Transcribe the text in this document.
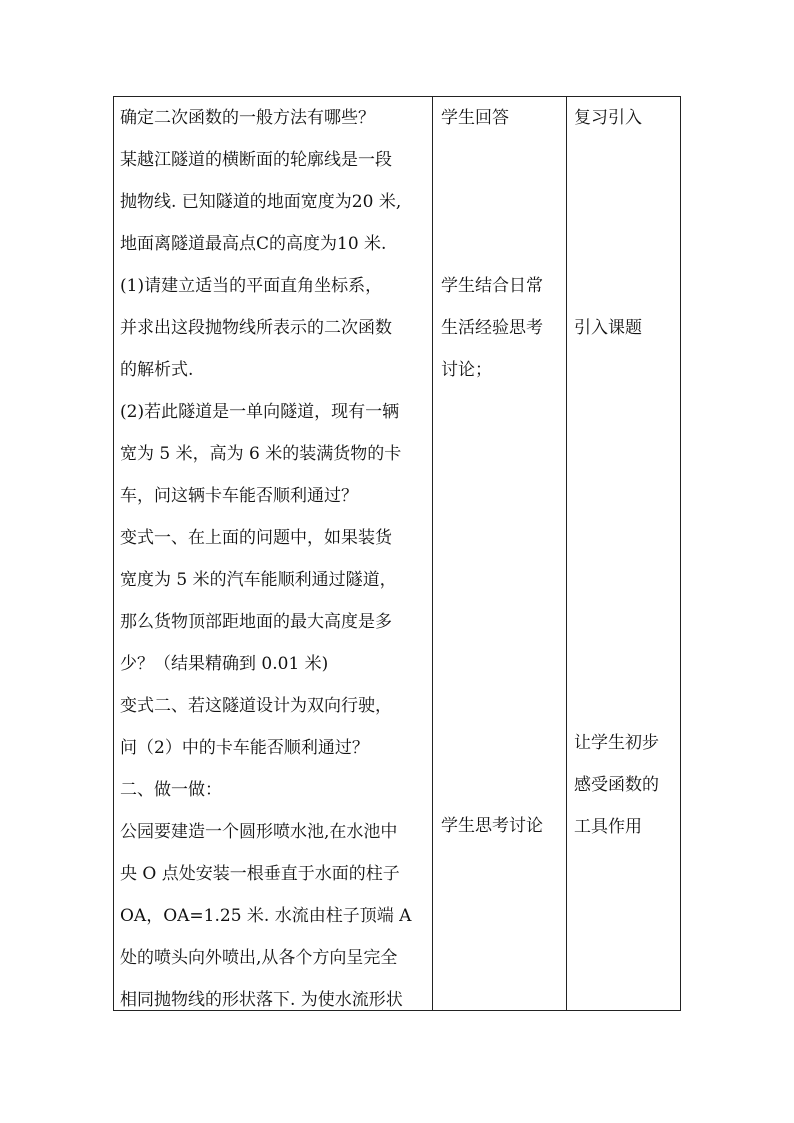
确定二次函数的一般方法有哪些？
某越江隧道的横断面的轮廓线是一段
抛物线. 已知隧道的地面宽度为20 米,
地面离隧道最高点C的高度为10 米.
(1)请建立适当的平面直角坐标系，
并求出这段抛物线所表示的二次函数
的解析式.
(2)若此隧道是一单向隧道，现有一辆
宽为 5 米，高为 6 米的装满货物的卡
车，问这辆卡车能否顺利通过？
变式一、在上面的问题中，如果装货
宽度为 5 米的汽车能顺利通过隧道，
那么货物顶部距地面的最大高度是多
少？（结果精确到 0.01 米)
变式二、若这隧道设计为双向行驶，
问（2）中的卡车能否顺利通过？
二、做一做：
公园要建造一个圆形喷水池,在水池中
央 O 点处安装一根垂直于水面的柱子
OA，OA=1.25 米. 水流由柱子顶端 A
处的喷头向外喷出,从各个方向呈完全
相同抛物线的形状落下. 为使水流形状
学生回答
学生结合日常
生活经验思考
讨论；
学生思考讨论
复习引入
引入课题
让学生初步
感受函数的
工具作用
